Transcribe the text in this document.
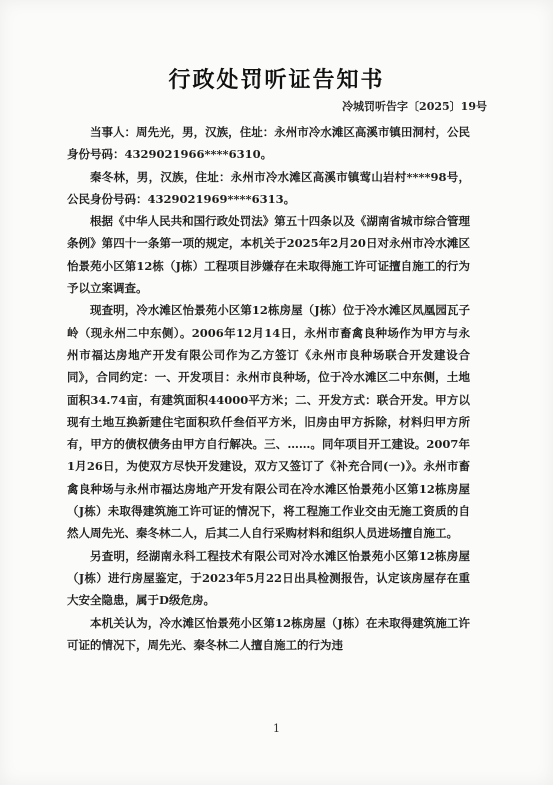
行政处罚听证告知书
冷城罚听告字〔2025〕19号

当事人：周先光，男，汉族，住址：永州市冷水滩区高溪市镇田洞村，公民身份号码：4329021966****6310。

秦冬林，男，汉族，住址：永州市冷水滩区高溪市镇莺山岩村****98号，公民身份号码：4329021969****6313。

根据《中华人民共和国行政处罚法》第五十四条以及《湖南省城市综合管理条例》第四十一条第一项的规定，本机关于2025年2月20日对永州市冷水滩区怡景苑小区第12栋（J栋）工程项目涉嫌存在未取得施工许可证擅自施工的行为予以立案调查。

现查明，冷水滩区怡景苑小区第12栋房屋（J栋）位于冷水滩区凤凰园瓦子岭（现永州二中东侧）。2006年12月14日，永州市畜禽良种场作为甲方与永州市福达房地产开发有限公司作为乙方签订《永州市良种场联合开发建设合同》，合同约定：一、开发项目：永州市良种场，位于冷水滩区二中东侧，土地面积34.74亩，有建筑面积44000平方米；二、开发方式：联合开发。甲方以现有土地互换新建住宅面积玖仟叁佰平方米，旧房由甲方拆除，材料归甲方所有，甲方的债权债务由甲方自行解决。三、……。同年项目开工建设。2007年1月26日，为使双方尽快开发建设，双方又签订了《补充合同(一)》。永州市畜禽良种场与永州市福达房地产开发有限公司在冷水滩区怡景苑小区第12栋房屋（J栋）未取得建筑施工许可证的情况下，将工程施工作业交由无施工资质的自然人周先光、秦冬林二人，后其二人自行采购材料和组织人员进场擅自施工。

另查明，经湖南永科工程技术有限公司对冷水滩区怡景苑小区第12栋房屋（J栋）进行房屋鉴定，于2023年5月22日出具检测报告，认定该房屋存在重大安全隐患，属于D级危房。

本机关认为，冷水滩区怡景苑小区第12栋房屋（J栋）在未取得建筑施工许可证的情况下，周先光、秦冬林二人擅自施工的行为违

1
